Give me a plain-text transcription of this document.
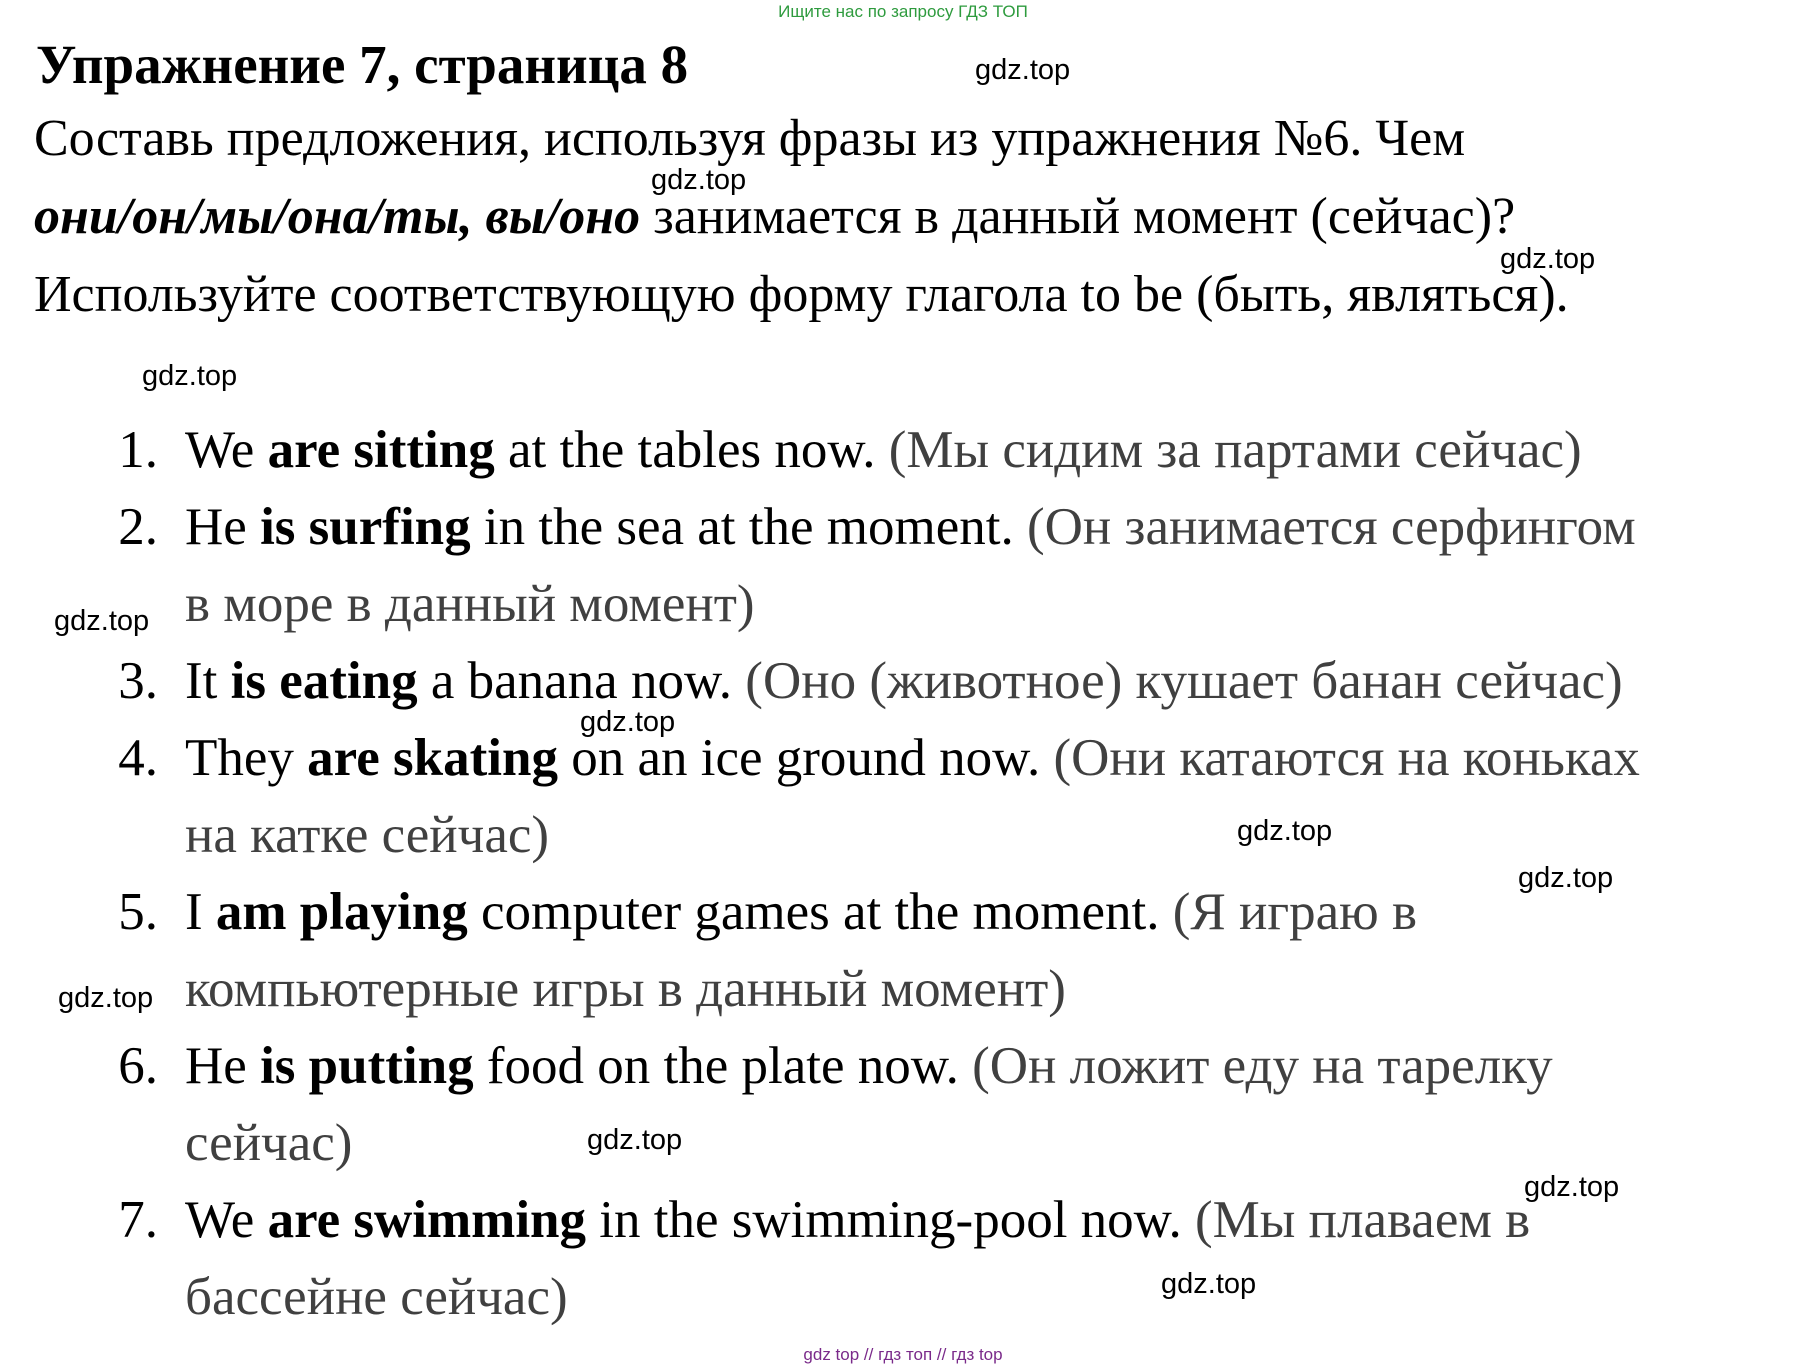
Ищите нас по запросу ГДЗ ТОП
Упражнение 7, страница 8
Составь предложения, используя фразы из упражнения №6. Чем
они/он/мы/она/ты, вы/оно занимается в данный момент (сейчас)?
Используйте соответствующую форму глагола to be (быть, являться).
1. We are sitting at the tables now. (Мы сидим за партами сейчас)
2. He is surfing in the sea at the moment. (Он занимается серфингом
в море в данный момент)
3. It is eating a banana now. (Оно (животное) кушает банан сейчас)
4. They are skating on an ice ground now. (Они катаются на коньках
на катке сейчас)
5. I am playing computer games at the moment. (Я играю в
компьютерные игры в данный момент)
6. He is putting food on the plate now. (Он ложит еду на тарелку
сейчас)
7. We are swimming in the swimming-pool now. (Мы плаваем в
бассейне сейчас)
gdz.top
gdz.top
gdz.top
gdz.top
gdz.top
gdz.top
gdz.top
gdz.top
gdz.top
gdz.top
gdz.top
gdz.top
gdz top // гдз топ // гдз top
